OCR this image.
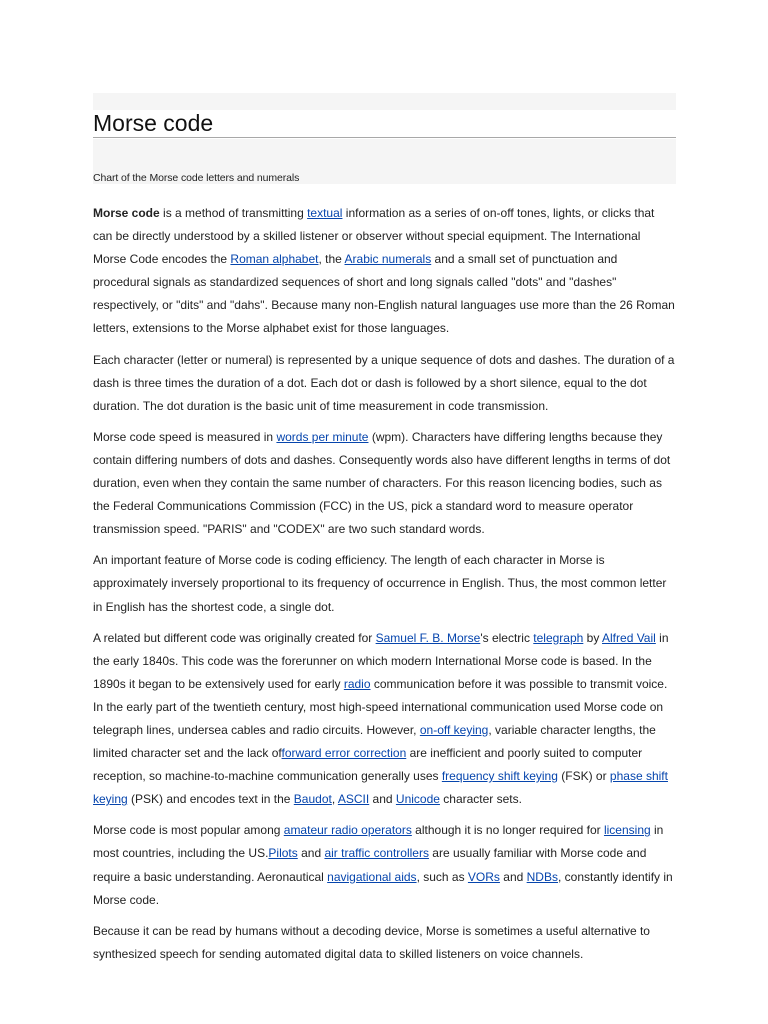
Morse code
Chart of the Morse code letters and numerals

Morse code is a method of transmitting textual information as a series of on-off tones, lights, or clicks that can be directly understood by a skilled listener or observer without special equipment. The International Morse Code encodes the Roman alphabet, the Arabic numerals and a small set of punctuation and procedural signals as standardized sequences of short and long signals called "dots" and "dashes" respectively, or "dits" and "dahs". Because many non-English natural languages use more than the 26 Roman letters, extensions to the Morse alphabet exist for those languages.

Each character (letter or numeral) is represented by a unique sequence of dots and dashes. The duration of a dash is three times the duration of a dot. Each dot or dash is followed by a short silence, equal to the dot duration. The dot duration is the basic unit of time measurement in code transmission.

Morse code speed is measured in words per minute (wpm). Characters have differing lengths because they contain differing numbers of dots and dashes. Consequently words also have different lengths in terms of dot duration, even when they contain the same number of characters. For this reason licencing bodies, such as the Federal Communications Commission (FCC) in the US, pick a standard word to measure operator transmission speed. "PARIS" and "CODEX" are two such standard words.

An important feature of Morse code is coding efficiency. The length of each character in Morse is approximately inversely proportional to its frequency of occurrence in English. Thus, the most common letter in English has the shortest code, a single dot.

A related but different code was originally created for Samuel F. B. Morse's electric telegraph by Alfred Vail in the early 1840s. This code was the forerunner on which modern International Morse code is based. In the 1890s it began to be extensively used for early radio communication before it was possible to transmit voice. In the early part of the twentieth century, most high-speed international communication used Morse code on telegraph lines, undersea cables and radio circuits. However, on-off keying, variable character lengths, the limited character set and the lack offorward error correction are inefficient and poorly suited to computer reception, so machine-to-machine communication generally uses frequency shift keying (FSK) or phase shift keying (PSK) and encodes text in the Baudot, ASCII and Unicode character sets.

Morse code is most popular among amateur radio operators although it is no longer required for licensing in most countries, including the US.Pilots and air traffic controllers are usually familiar with Morse code and require a basic understanding. Aeronautical navigational aids, such as VORs and NDBs, constantly identify in Morse code.

Because it can be read by humans without a decoding device, Morse is sometimes a useful alternative to synthesized speech for sending automated digital data to skilled listeners on voice channels.
